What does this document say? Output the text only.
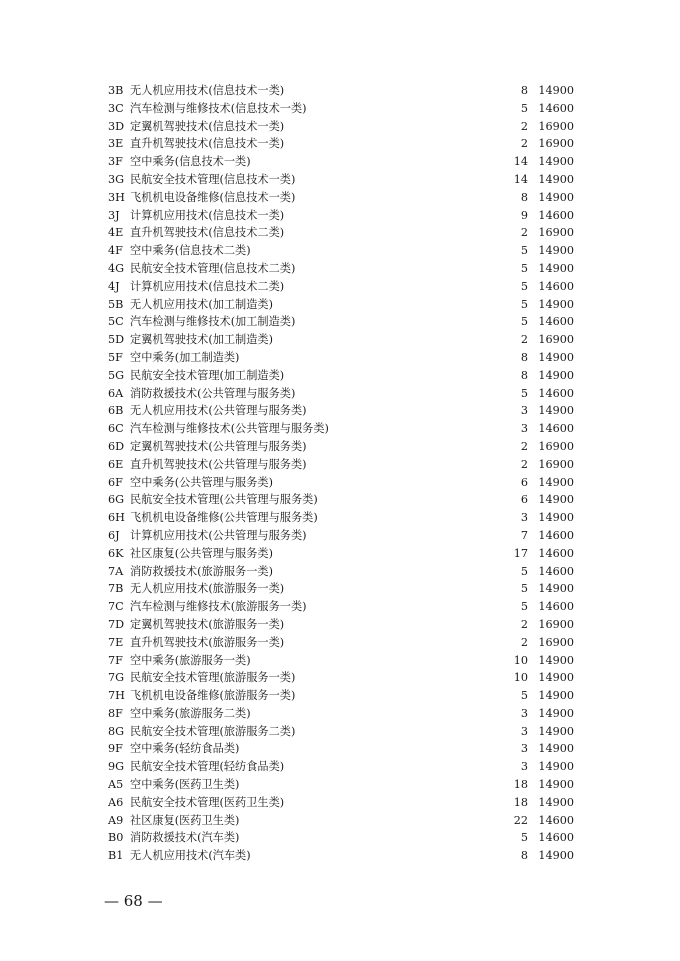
3B 无人机应用技术(信息技术一类)	8 14900
3C 汽车检测与维修技术(信息技术一类)	5 14600
3D 定翼机驾驶技术(信息技术一类)	2 16900
3E 直升机驾驶技术(信息技术一类)	2 16900
3F 空中乘务(信息技术一类)	14 14900
3G 民航安全技术管理(信息技术一类)	14 14900
3H 飞机机电设备维修(信息技术一类)	8 14900
3J 计算机应用技术(信息技术一类)	9 14600
4E 直升机驾驶技术(信息技术二类)	2 16900
4F 空中乘务(信息技术二类)	5 14900
4G 民航安全技术管理(信息技术二类)	5 14900
4J 计算机应用技术(信息技术二类)	5 14600
5B 无人机应用技术(加工制造类)	5 14900
5C 汽车检测与维修技术(加工制造类)	5 14600
5D 定翼机驾驶技术(加工制造类)	2 16900
5F 空中乘务(加工制造类)	8 14900
5G 民航安全技术管理(加工制造类)	8 14900
6A 消防救援技术(公共管理与服务类)	5 14600
6B 无人机应用技术(公共管理与服务类)	3 14900
6C 汽车检测与维修技术(公共管理与服务类)	3 14600
6D 定翼机驾驶技术(公共管理与服务类)	2 16900
6E 直升机驾驶技术(公共管理与服务类)	2 16900
6F 空中乘务(公共管理与服务类)	6 14900
6G 民航安全技术管理(公共管理与服务类)	6 14900
6H 飞机机电设备维修(公共管理与服务类)	3 14900
6J 计算机应用技术(公共管理与服务类)	7 14600
6K 社区康复(公共管理与服务类)	17 14600
7A 消防救援技术(旅游服务一类)	5 14600
7B 无人机应用技术(旅游服务一类)	5 14900
7C 汽车检测与维修技术(旅游服务一类)	5 14600
7D 定翼机驾驶技术(旅游服务一类)	2 16900
7E 直升机驾驶技术(旅游服务一类)	2 16900
7F 空中乘务(旅游服务一类)	10 14900
7G 民航安全技术管理(旅游服务一类)	10 14900
7H 飞机机电设备维修(旅游服务一类)	5 14900
8F 空中乘务(旅游服务二类)	3 14900
8G 民航安全技术管理(旅游服务二类)	3 14900
9F 空中乘务(轻纺食品类)	3 14900
9G 民航安全技术管理(轻纺食品类)	3 14900
A5 空中乘务(医药卫生类)	18 14900
A6 民航安全技术管理(医药卫生类)	18 14900
A9 社区康复(医药卫生类)	22 14600
B0 消防救援技术(汽车类)	5 14600
B1 无人机应用技术(汽车类)	8 14900
— 68 —
